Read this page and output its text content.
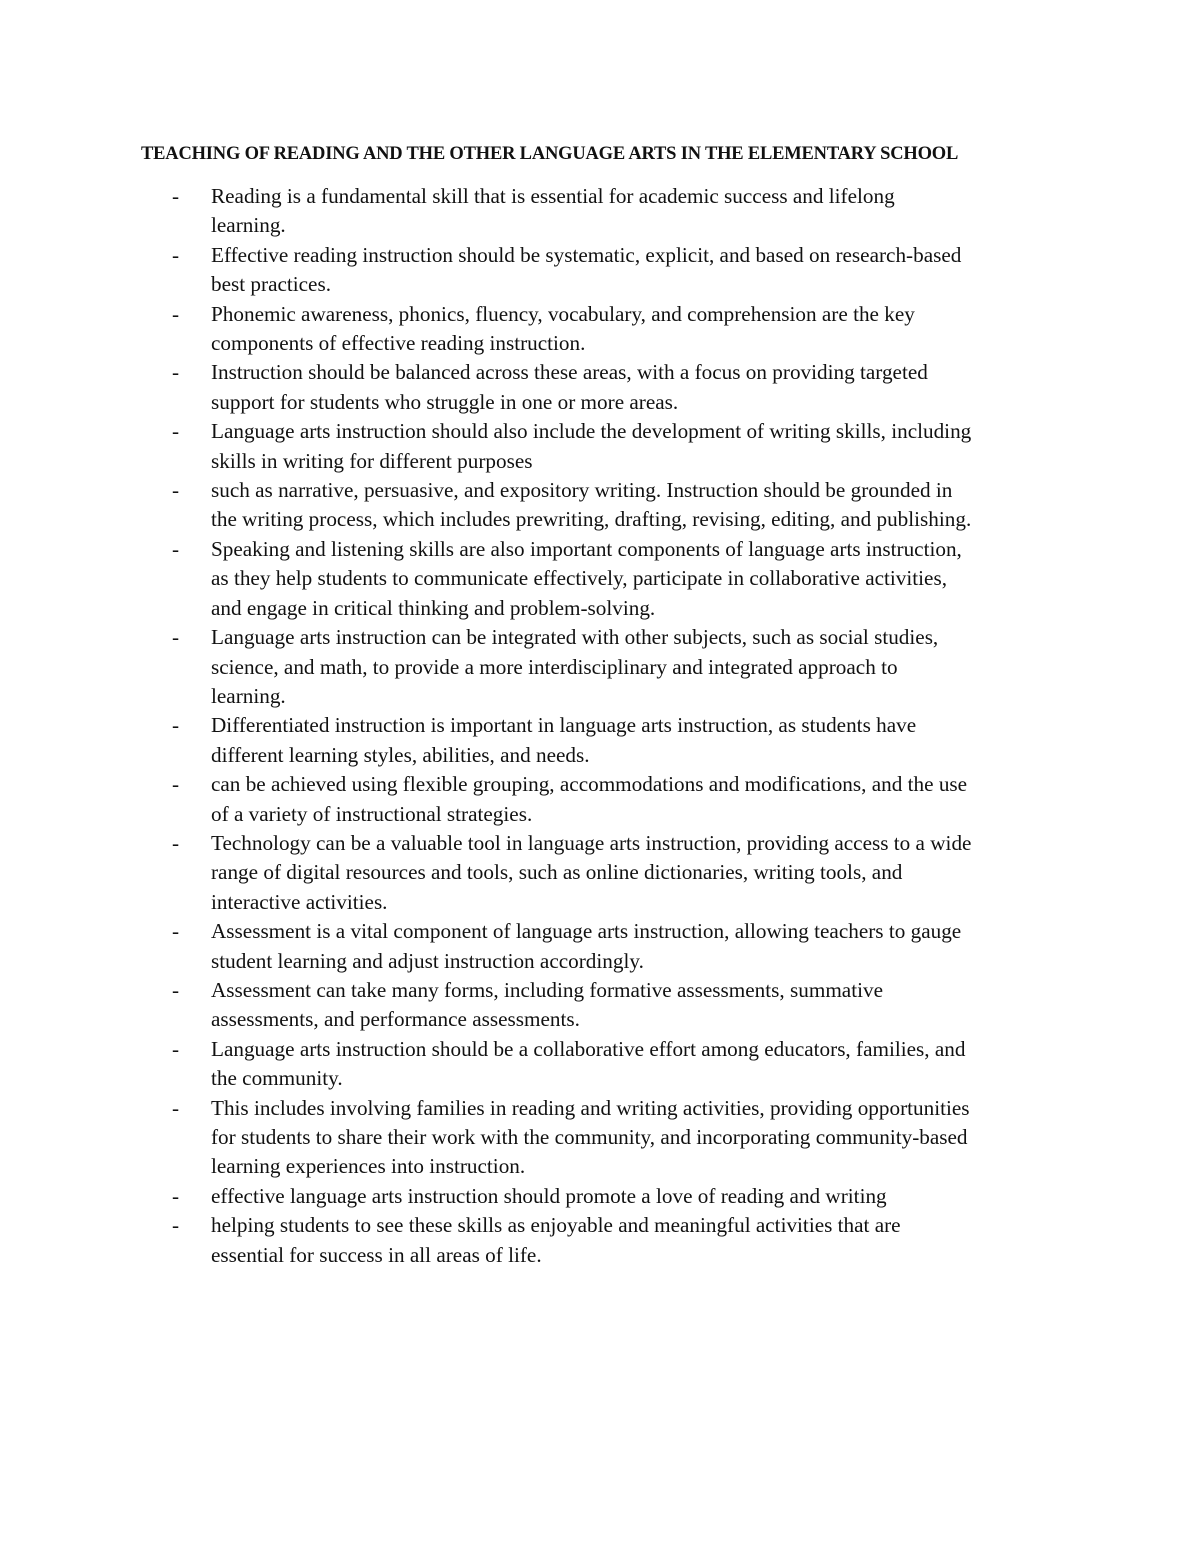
TEACHING OF READING AND THE OTHER LANGUAGE ARTS IN THE ELEMENTARY SCHOOL
- Reading is a fundamental skill that is essential for academic success and lifelong
learning.
- Effective reading instruction should be systematic, explicit, and based on research-based
best practices.
- Phonemic awareness, phonics, fluency, vocabulary, and comprehension are the key
components of effective reading instruction.
- Instruction should be balanced across these areas, with a focus on providing targeted
support for students who struggle in one or more areas.
- Language arts instruction should also include the development of writing skills, including
skills in writing for different purposes
- such as narrative, persuasive, and expository writing. Instruction should be grounded in
the writing process, which includes prewriting, drafting, revising, editing, and publishing.
- Speaking and listening skills are also important components of language arts instruction,
as they help students to communicate effectively, participate in collaborative activities,
and engage in critical thinking and problem-solving.
- Language arts instruction can be integrated with other subjects, such as social studies,
science, and math, to provide a more interdisciplinary and integrated approach to
learning.
- Differentiated instruction is important in language arts instruction, as students have
different learning styles, abilities, and needs.
- can be achieved using flexible grouping, accommodations and modifications, and the use
of a variety of instructional strategies.
- Technology can be a valuable tool in language arts instruction, providing access to a wide
range of digital resources and tools, such as online dictionaries, writing tools, and
interactive activities.
- Assessment is a vital component of language arts instruction, allowing teachers to gauge
student learning and adjust instruction accordingly.
- Assessment can take many forms, including formative assessments, summative
assessments, and performance assessments.
- Language arts instruction should be a collaborative effort among educators, families, and
the community.
- This includes involving families in reading and writing activities, providing opportunities
for students to share their work with the community, and incorporating community-based
learning experiences into instruction.
- effective language arts instruction should promote a love of reading and writing
- helping students to see these skills as enjoyable and meaningful activities that are
essential for success in all areas of life.
